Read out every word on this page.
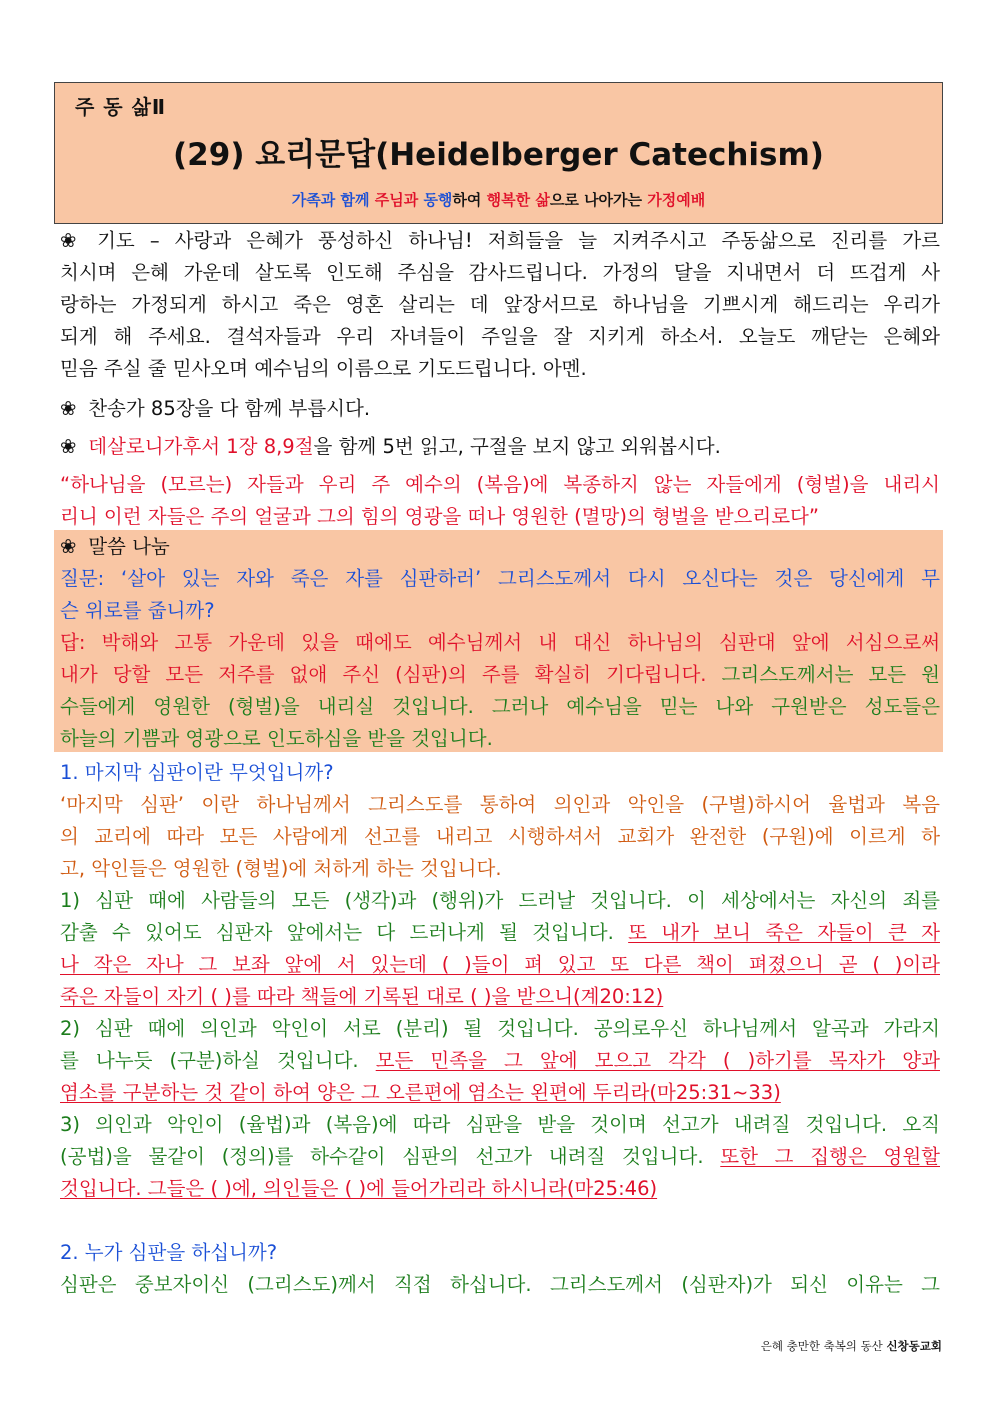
주 동 삶Ⅱ
(29) 요리문답(Heidelberger Catechism)
가족과 함께 주님과 동행하여 행복한 삶으로 나아가는 가정예배

❀ 기도 – 사랑과 은혜가 풍성하신 하나님! 저희들을 늘 지켜주시고 주동삶으로 진리를 가르

치시며 은혜 가운데 살도록 인도해 주심을 감사드립니다. 가정의 달을 지내면서 더 뜨겁게 사

랑하는 가정되게 하시고 죽은 영혼 살리는 데 앞장서므로 하나님을 기쁘시게 해드리는 우리가

되게 해 주세요. 결석자들과 우리 자녀들이 주일을 잘 지키게 하소서. 오늘도 깨닫는 은혜와

믿음 주실 줄 믿사오며 예수님의 이름으로 기도드립니다. 아멘.

❀ 찬송가 85장을 다 함께 부릅시다.

❀ 데살로니가후서 1장 8,9절을 함께 5번 읽고, 구절을 보지 않고 외워봅시다.

“하나님을 (모르는) 자들과 우리 주 예수의 (복음)에 복종하지 않는 자들에게 (형벌)을 내리시

리니 이런 자들은 주의 얼굴과 그의 힘의 영광을 떠나 영원한 (멸망)의 형벌을 받으리로다”

❀ 말씀 나눔

질문: ‘살아 있는 자와 죽은 자를 심판하러’ 그리스도께서 다시 오신다는 것은 당신에게 무

슨 위로를 줍니까?

답: 박해와 고통 가운데 있을 때에도 예수님께서 내 대신 하나님의 심판대 앞에 서심으로써

내가 당할 모든 저주를 없애 주신 (심판)의 주를 확실히 기다립니다. 그리스도께서는 모든 원

수들에게 영원한 (형벌)을 내리실 것입니다. 그러나 예수님을 믿는 나와 구원받은 성도들은

하늘의 기쁨과 영광으로 인도하심을 받을 것입니다.

1. 마지막 심판이란 무엇입니까?

‘마지막 심판’ 이란 하나님께서 그리스도를 통하여 의인과 악인을 (구별)하시어 율법과 복음

의 교리에 따라 모든 사람에게 선고를 내리고 시행하셔서 교회가 완전한 (구원)에 이르게 하

고, 악인들은 영원한 (형벌)에 처하게 하는 것입니다.

1) 심판 때에 사람들의 모든 (생각)과 (행위)가 드러날 것입니다. 이 세상에서는 자신의 죄를

감출 수 있어도 심판자 앞에서는 다 드러나게 될 것입니다. 또 내가 보니 죽은 자들이 큰 자

나 작은 자나 그 보좌 앞에 서 있는데 ( )들이 펴 있고 또 다른 책이 펴졌으니 곧 ( )이라

죽은 자들이 자기 ( )를 따라 책들에 기록된 대로 ( )을 받으니(계20:12)

2) 심판 때에 의인과 악인이 서로 (분리) 될 것입니다. 공의로우신 하나님께서 알곡과 가라지

를 나누듯 (구분)하실 것입니다. 모든 민족을 그 앞에 모으고 각각 ( )하기를 목자가 양과

염소를 구분하는 것 같이 하여 양은 그 오른편에 염소는 왼편에 두리라(마25:31~33)

3) 의인과 악인이 (율법)과 (복음)에 따라 심판을 받을 것이며 선고가 내려질 것입니다. 오직

(공법)을 물같이 (정의)를 하수같이 심판의 선고가 내려질 것입니다. 또한 그 집행은 영원할

것입니다. 그들은 ( )에, 의인들은 ( )에 들어가리라 하시니라(마25:46)

2. 누가 심판을 하십니까?

심판은 중보자이신 (그리스도)께서 직접 하십니다. 그리스도께서 (심판자)가 되신 이유는 그

은혜 충만한 축복의 동산 신창동교회
